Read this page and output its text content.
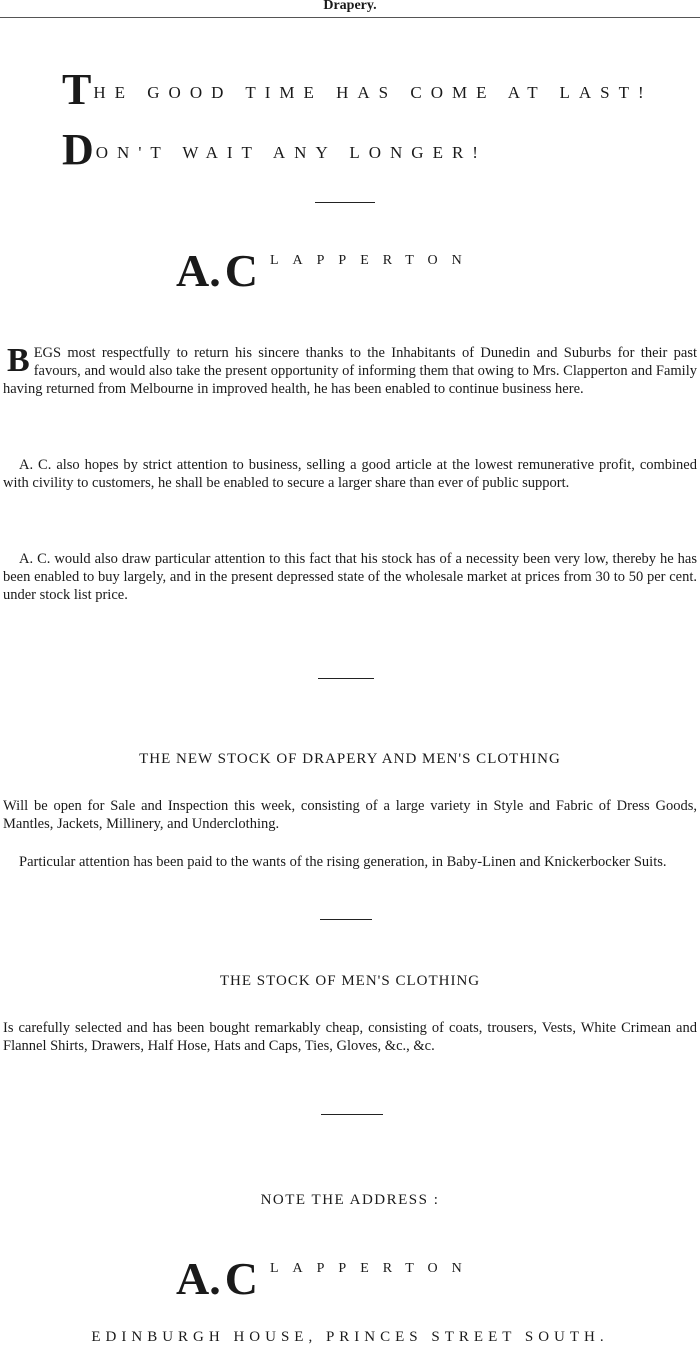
Drapery.
THE GOOD TIME HAS COME AT LAST!
DON'T WAIT ANY LONGER!
A. C LAPPERTON
B EGS most respectfully to return his sincere thanks to the Inhabitants of Dunedin and Suburbs for their past favours, and would also take the present opportunity of informing them that owing to Mrs. Clapperton and Family having returned from Melbourne in improved health, he has been enabled to continue business here.

A. C. also hopes by strict attention to business, selling a good article at the lowest remunerative profit, combined with civility to customers, he shall be enabled to secure a larger share than ever of public support.

A. C. would also draw particular attention to this fact that his stock has of a necessity been very low, thereby he has been enabled to buy largely, and in the present depressed state of the wholesale market at prices from 30 to 50 per cent. under stock list price.

THE NEW STOCK OF DRAPERY AND MEN'S CLOTHING

Will be open for Sale and Inspection this week, consisting of a large variety in Style and Fabric of Dress Goods, Mantles, Jackets, Millinery, and Underclothing.

Particular attention has been paid to the wants of the rising generation, in Baby-Linen and Knickerbocker Suits.

THE STOCK OF MEN'S CLOTHING

Is carefully selected and has been bought remarkably cheap, consisting of coats, trousers, Vests, White Crimean and Flannel Shirts, Drawers, Half Hose, Hats and Caps, Ties, Gloves, &c., &c.

NOTE THE ADDRESS :
A. C LAPPERTON
EDINBURGH HOUSE, PRINCES STREET SOUTH.
